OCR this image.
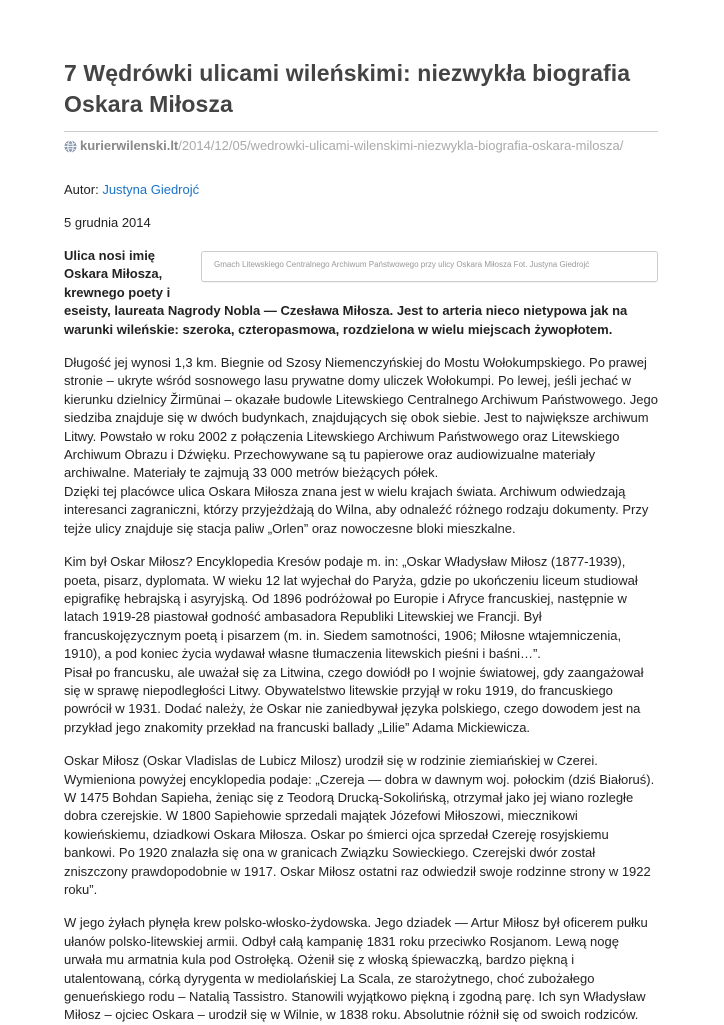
7 Wędrówki ulicami wileńskimi: niezwykła biografia Oskara Miłosza
kurierwilenski.lt /2014/12/05/wedrowki-ulicami-wilenskimi-niezwykla-biografia-oskara-milosza/
Autor: Justyna Giedrojć
5 grudnia 2014
Gmach Litewskiego Centralnego Archiwum Państwowego przy ulicy Oskara Miłosza Fot. Justyna Giedrojć
Ulica nosi imię Oskara Miłosza, krewnego poety i eseisty, laureata Nagrody Nobla — Czesława Miłosza. Jest to arteria nieco nietypowa jak na warunki wileńskie: szeroka, czteropasmowa, rozdzielona w wielu miejscach żywopłotem.
Długość jej wynosi 1,3 km. Biegnie od Szosy Niemenczyńskiej do Mostu Wołokumpskiego. Po prawej stronie – ukryte wśród sosnowego lasu prywatne domy uliczek Wołokumpi. Po lewej, jeśli jechać w kierunku dzielnicy Žirmūnai – okazałe budowle Litewskiego Centralnego Archiwum Państwowego. Jego siedziba znajduje się w dwóch budynkach, znajdujących się obok siebie. Jest to największe archiwum Litwy. Powstało w roku 2002 z połączenia Litewskiego Archiwum Państwowego oraz Litewskiego Archiwum Obrazu i Dźwięku. Przechowywane są tu papierowe oraz audiowizualne materiały archiwalne. Materiały te zajmują 33 000 metrów bieżących półek.
Dzięki tej placówce ulica Oskara Miłosza znana jest w wielu krajach świata. Archiwum odwiedzają interesanci zagraniczni, którzy przyjeżdżają do Wilna, aby odnaleźć różnego rodzaju dokumenty. Przy tejże ulicy znajduje się stacja paliw „Orlen” oraz nowoczesne bloki mieszkalne.
Kim był Oskar Miłosz? Encyklopedia Kresów podaje m. in: „Oskar Władysław Miłosz (1877-1939), poeta, pisarz, dyplomata. W wieku 12 lat wyjechał do Paryża, gdzie po ukończeniu liceum studiował epigrafikę hebrajską i asyryjską. Od 1896 podróżował po Europie i Afryce francuskiej, następnie w latach 1919-28 piastował godność ambasadora Republiki Litewskiej we Francji. Był francuskojęzycznym poetą i pisarzem (m. in. Siedem samotności, 1906; Miłosne wtajemniczenia, 1910), a pod koniec życia wydawał własne tłumaczenia litewskich pieśni i baśni…”.
Pisał po francusku, ale uważał się za Litwina, czego dowiódł po I wojnie światowej, gdy zaangażował się w sprawę niepodległości Litwy. Obywatelstwo litewskie przyjął w roku 1919, do francuskiego powrócił w 1931. Dodać należy, że Oskar nie zaniedbywał języka polskiego, czego dowodem jest na przykład jego znakomity przekład na francuski ballady „Lilie” Adama Mickiewicza.
Oskar Miłosz (Oskar Vladislas de Lubicz Milosz) urodził się w rodzinie ziemiańskiej w Czerei. Wymieniona powyżej encyklopedia podaje: „Czereja — dobra w dawnym woj. połockim (dziś Białoruś). W 1475 Bohdan Sapieha, żeniąc się z Teodorą Drucką-Sokolińską, otrzymał jako jej wiano rozległe dobra czerejskie. W 1800 Sapiehowie sprzedali majątek Józefowi Miłoszowi, miecznikowi kowieńskiemu, dziadkowi Oskara Miłosza. Oskar po śmierci ojca sprzedał Czereję rosyjskiemu bankowi. Po 1920 znalazła się ona w granicach Związku Sowieckiego. Czerejski dwór został zniszczony prawdopodobnie w 1917. Oskar Miłosz ostatni raz odwiedził swoje rodzinne strony w 1922 roku”.
W jego żyłach płynęła krew polsko-włosko-żydowska. Jego dziadek — Artur Miłosz był oficerem pułku ułanów polsko-litewskiej armii. Odbył całą kampanię 1831 roku przeciwko Rosjanom. Lewą nogę urwała mu armatnia kula pod Ostrołęką. Ożenił się z włoską śpiewaczką, bardzo piękną i utalentowaną, córką dyrygenta w mediolańskiej La Scala, ze starożytnego, choć zubożałego genueńskiego rodu – Natalią Tassistro. Stanowili wyjątkowo piękną i zgodną parę. Ich syn Władysław Miłosz – ojciec Oskara – urodził się w Wilnie, w 1838 roku. Absolutnie różnił się od swoich rodziców.
